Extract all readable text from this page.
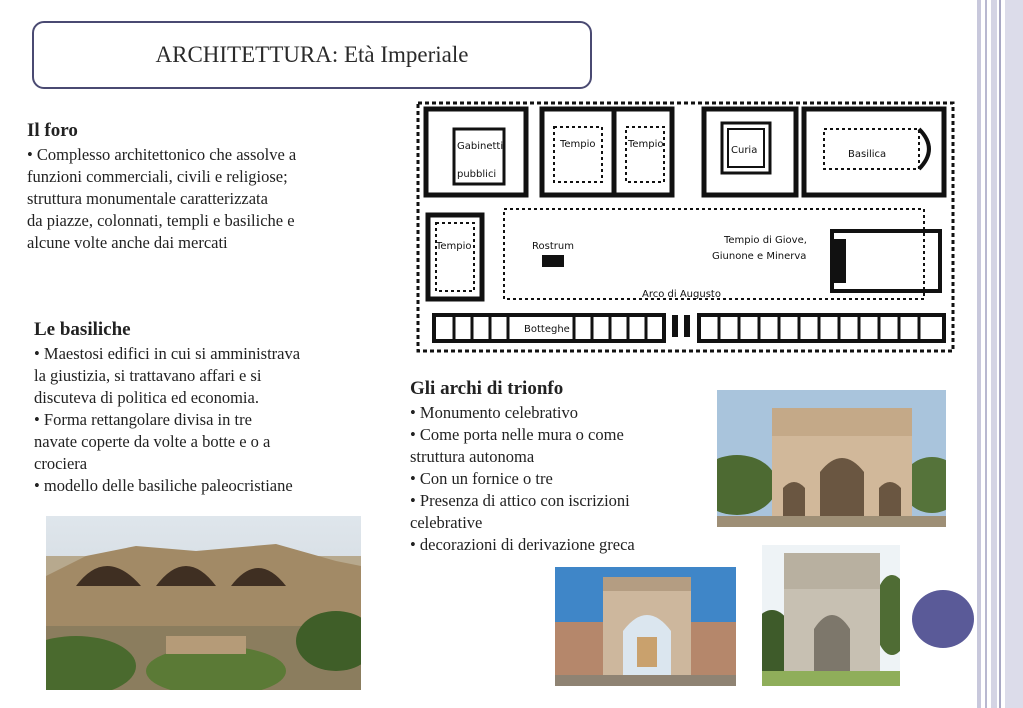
ARCHITETTURA: Età Imperiale
Il foro

• Complesso architettonico che assolve a

funzioni commerciali, civili e religiose;

struttura monumentale caratterizzata

da piazze, colonnati, templi e basiliche e

alcune volte anche dai mercati

Le basiliche

• Maestosi edifici in cui si amministrava

la giustizia, si trattavano affari e si

discuteva di politica ed economia.

• Forma rettangolare divisa in tre

navate coperte da volte a botte e o a

crociera

• modello delle basiliche paleocristiane

Gli archi di trionfo

• Monumento celebrativo

• Come porta nelle mura o come

struttura autonoma

• Con un fornice o tre

• Presenza di attico con iscrizioni

celebrative

• decorazioni di derivazione greca

Gabinetti
pubblici
Tempio	Tempio
Curia	Basilica
Tempio	Rostrum
Tempio di Giove,
Giunone e Minerva
Arco di Augusto
Botteghe
